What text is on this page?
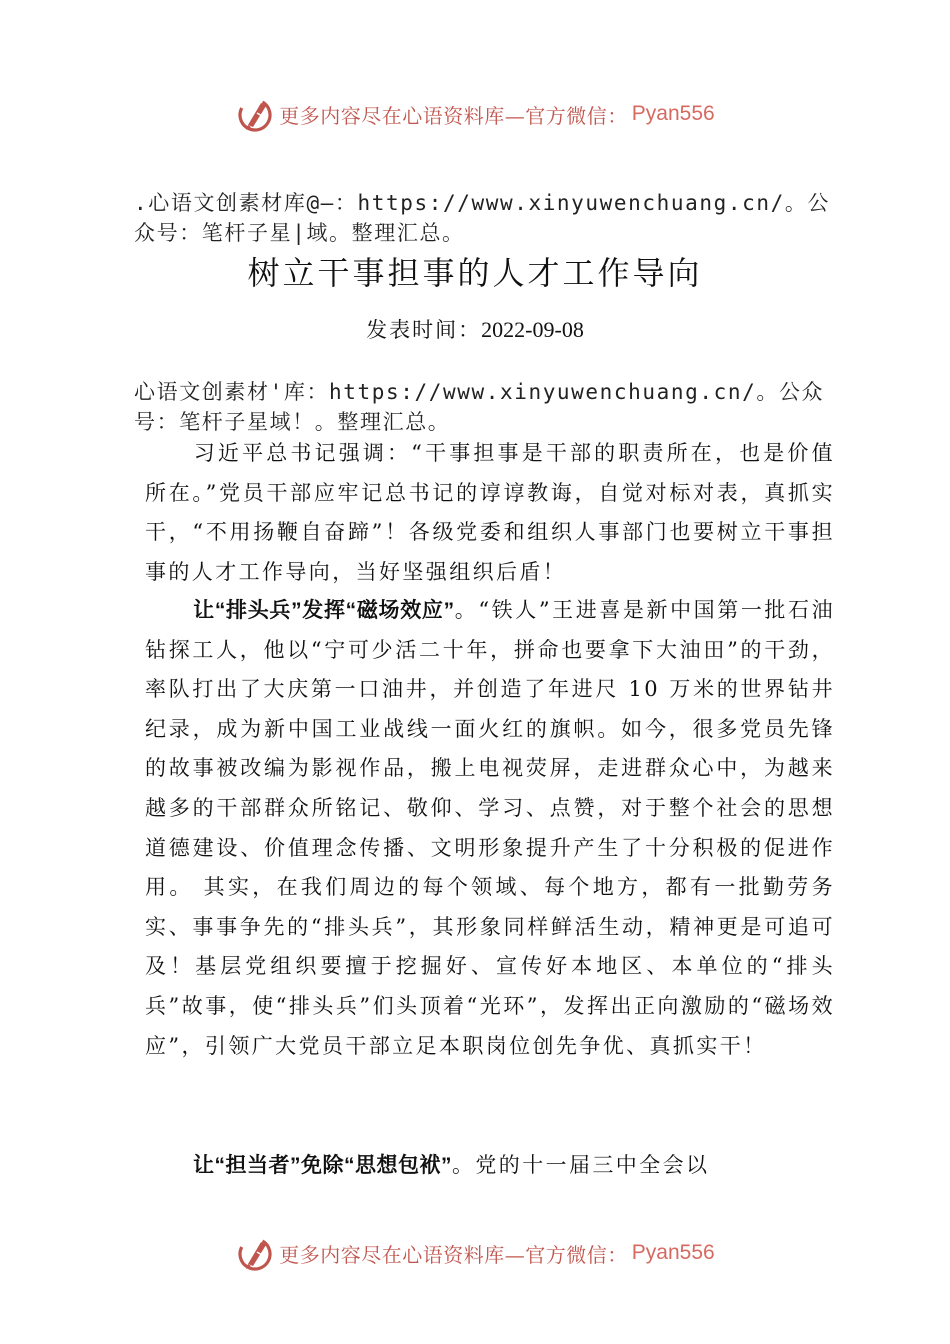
更多内容尽在心语资料库—官方微信： Pyan556
.心语文创素材库@—：https://www.xinyuwenchuang.cn/。公众号：笔杆子星|域。整理汇总。
树立干事担事的人才工作导向
发表时间：2022-09-08
心语文创素材'库：https://www.xinyuwenchuang.cn/。公众号：笔杆子星域！。整理汇总。

习近平总书记强调：“干事担事是干部的职责所在，也是价值所在。”党员干部应牢记总书记的谆谆教诲，自觉对标对表，真抓实干，“不用扬鞭自奋蹄”！各级党委和组织人事部门也要树立干事担事的人才工作导向，当好坚强组织后盾！

让“排头兵”发挥“磁场效应”。“铁人”王进喜是新中国第一批石油钻探工人，他以“宁可少活二十年，拼命也要拿下大油田”的干劲，率队打出了大庆第一口油井，并创造了年进尺 10 万米的世界钻井纪录，成为新中国工业战线一面火红的旗帜。如今，很多党员先锋的故事被改编为影视作品，搬上电视荧屏，走进群众心中，为越来越多的干部群众所铭记、敬仰、学习、点赞，对于整个社会的思想道德建设、价值理念传播、文明形象提升产生了十分积极的促进作用。 其实，在我们周边的每个领域、每个地方，都有一批勤劳务实、事事争先的“排头兵”，其形象同样鲜活生动，精神更是可追可及！基层党组织要擅于挖掘好、宣传好本地区、本单位的“排头兵”故事，使“排头兵”们头顶着“光环”，发挥出正向激励的“磁场效应”，引领广大党员干部立足本职岗位创先争优、真抓实干！

让“担当者”免除“思想包袱”。党的十一届三中全会以

更多内容尽在心语资料库—官方微信： Pyan556
